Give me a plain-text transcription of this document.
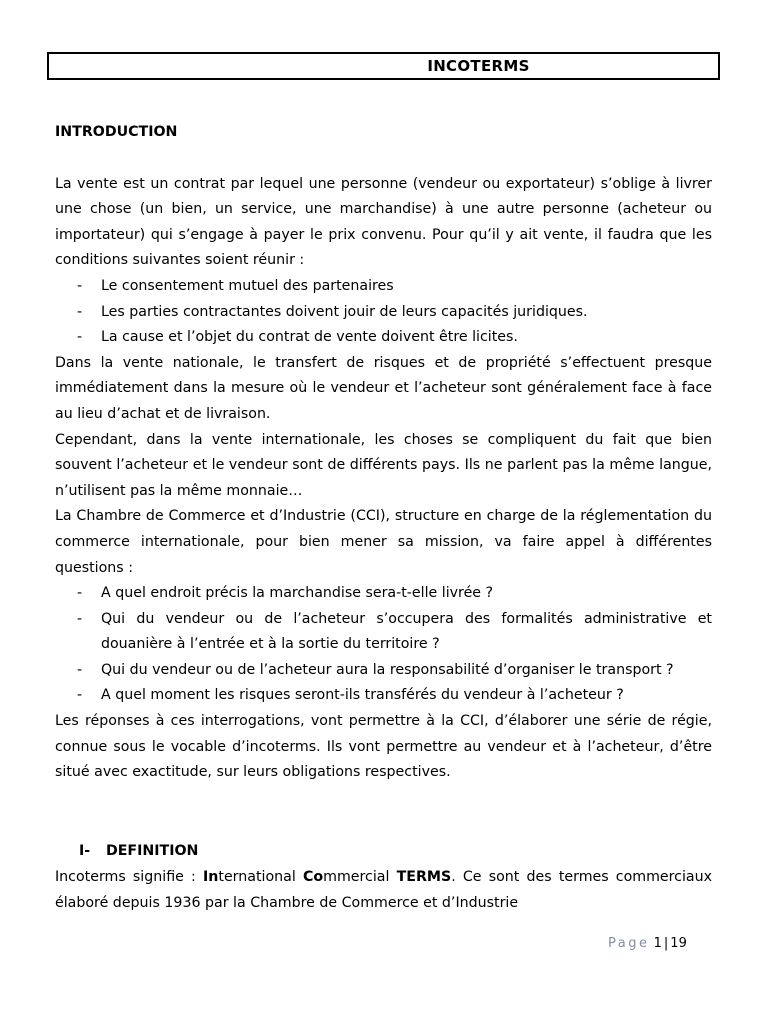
INCOTERMS

INTRODUCTION

La vente est un contrat par lequel une personne (vendeur ou exportateur) s’oblige à livrer une chose (un bien, un service, une marchandise) à une autre personne (acheteur ou importateur) qui s’engage à payer le prix convenu. Pour qu’il y ait vente, il faudra que les conditions suivantes soient réunir :

- Le consentement mutuel des partenaires
- Les parties contractantes doivent jouir de leurs capacités juridiques.
- La cause et l’objet du contrat de vente doivent être licites.

Dans la vente nationale, le transfert de risques et de propriété s’effectuent presque immédiatement dans la mesure où le vendeur et l’acheteur sont généralement face à face au lieu d’achat et de livraison.

Cependant, dans la vente internationale, les choses se compliquent du fait que bien souvent l’acheteur et le vendeur sont de différents pays. Ils ne parlent pas la même langue, n’utilisent pas la même monnaie…

La Chambre de Commerce et d’Industrie (CCI), structure en charge de la réglementation du commerce internationale, pour bien mener sa mission, va faire appel à différentes questions :

- A quel endroit précis la marchandise sera-t-elle livrée ?
- Qui du vendeur ou de l’acheteur s’occupera des formalités administrative et douanière à l’entrée et à la sortie du territoire ?
- Qui du vendeur ou de l’acheteur aura la responsabilité d’organiser le transport ?
- A quel moment les risques seront-ils transférés du vendeur à l’acheteur ?

Les réponses à ces interrogations, vont permettre à la CCI, d’élaborer une série de régie, connue sous le vocable d’incoterms. Ils vont permettre au vendeur et à l’acheteur, d’être situé avec exactitude, sur leurs obligations respectives.

I- DEFINITION

Incoterms signifie : International Commercial TERMS. Ce sont des termes commerciaux élaboré depuis 1936 par la Chambre de Commerce et d’Industrie

Page 1 | 19
